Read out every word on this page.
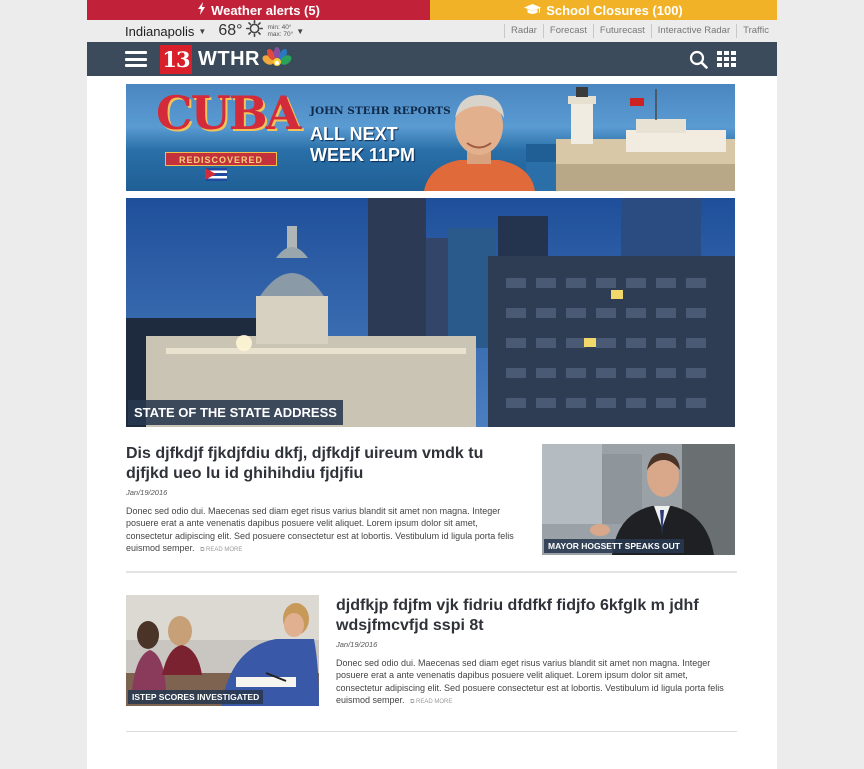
Weather alerts (5)	School Closures (100)
Indianapolis ▼ 68°	min: 40°
max: 70° ▼	Radar	Forecast	Futurecast	Interactive Radar	Traffic
13 WTHR
CUBA
REDISCOVERED
JOHN STEHR REPORTS
ALL NEXT
WEEK 11PM
STATE OF THE STATE ADDRESS
Dis djfkdjf fjkdjfdiu dkfj, djfkdjf uireum vmdk tu djfjkd ueo lu id ghihihdiu fjdjfiu
Jan/19/2016
Donec sed odio dui. Maecenas sed diam eget risus varius blandit sit amet non magna. Integer posuere erat a ante venenatis dapibus posuere velit aliquet. Lorem ipsum dolor sit amet, consectetur adipiscing elit. Sed posuere consectetur est at lobortis. Vestibulum id ligula porta felis euismod semper. ⧉ READ MORE	MAYOR HOGSETT SPEAKS OUT
ISTEP SCORES INVESTIGATED
djdfkjp fdjfm vjk fidriu dfdfkf fidjfo 6kfglk m jdhf wdsjfmcvfjd sspi 8t
Jan/19/2016
Donec sed odio dui. Maecenas sed diam eget risus varius blandit sit amet non magna. Integer posuere erat a ante venenatis dapibus posuere velit aliquet. Lorem ipsum dolor sit amet, consectetur adipiscing elit. Sed posuere consectetur est at lobortis. Vestibulum id ligula porta felis euismod semper. ⧉ READ MORE
